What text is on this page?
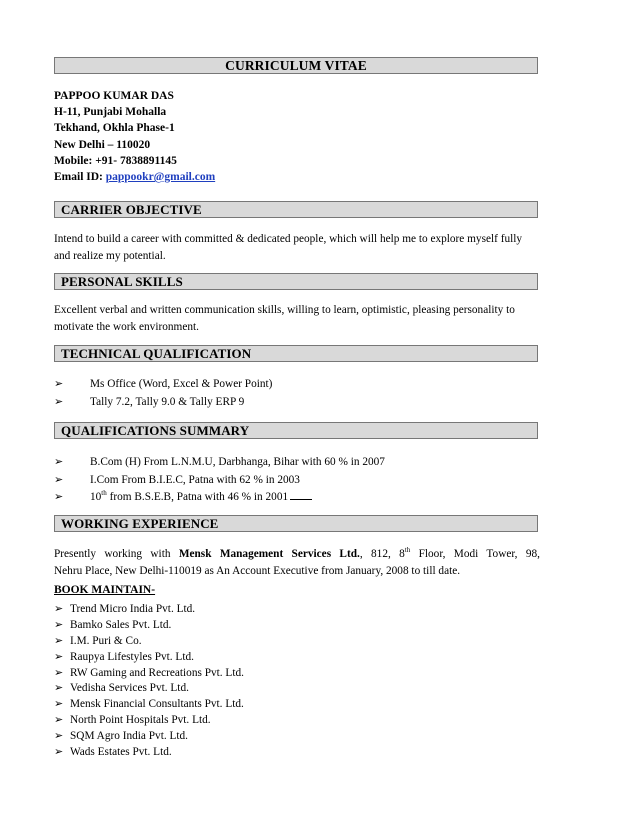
CURRICULUM VITAE
PAPPOO KUMAR DAS
H-11, Punjabi Mohalla
Tekhand, Okhla Phase-1
New Delhi – 110020
Mobile: +91- 7838891145
Email ID: pappookr@gmail.com
CARRIER OBJECTIVE
Intend to build a career with committed & dedicated people, which will help me to explore myself fully and realize my potential.
PERSONAL SKILLS
Excellent verbal and written communication skills, willing to learn, optimistic, pleasing personality to motivate the work environment.
TECHNICAL QUALIFICATION
➢ Ms Office (Word, Excel & Power Point)
➢ Tally 7.2, Tally 9.0 & Tally ERP 9
QUALIFICATIONS SUMMARY
➢ B.Com (H) From L.N.M.U, Darbhanga, Bihar with 60 % in 2007
➢ I.Com From B.I.E.C, Patna with 62 % in 2003
➢ 10th from B.S.E.B, Patna with 46 % in 2001
WORKING EXPERIENCE
Presently working with Mensk Management Services Ltd., 812, 8th Floor, Modi Tower, 98,
Nehru Place, New Delhi-110019 as An Account Executive from January, 2008 to till date.
BOOK MAINTAIN-
➢ Trend Micro India Pvt. Ltd.
➢ Bamko Sales Pvt. Ltd.
➢ I.M. Puri & Co.
➢ Raupya Lifestyles Pvt. Ltd.
➢ RW Gaming and Recreations Pvt. Ltd.
➢ Vedisha Services Pvt. Ltd.
➢ Mensk Financial Consultants Pvt. Ltd.
➢ North Point Hospitals Pvt. Ltd.
➢ SQM Agro India Pvt. Ltd.
➢ Wads Estates Pvt. Ltd.
